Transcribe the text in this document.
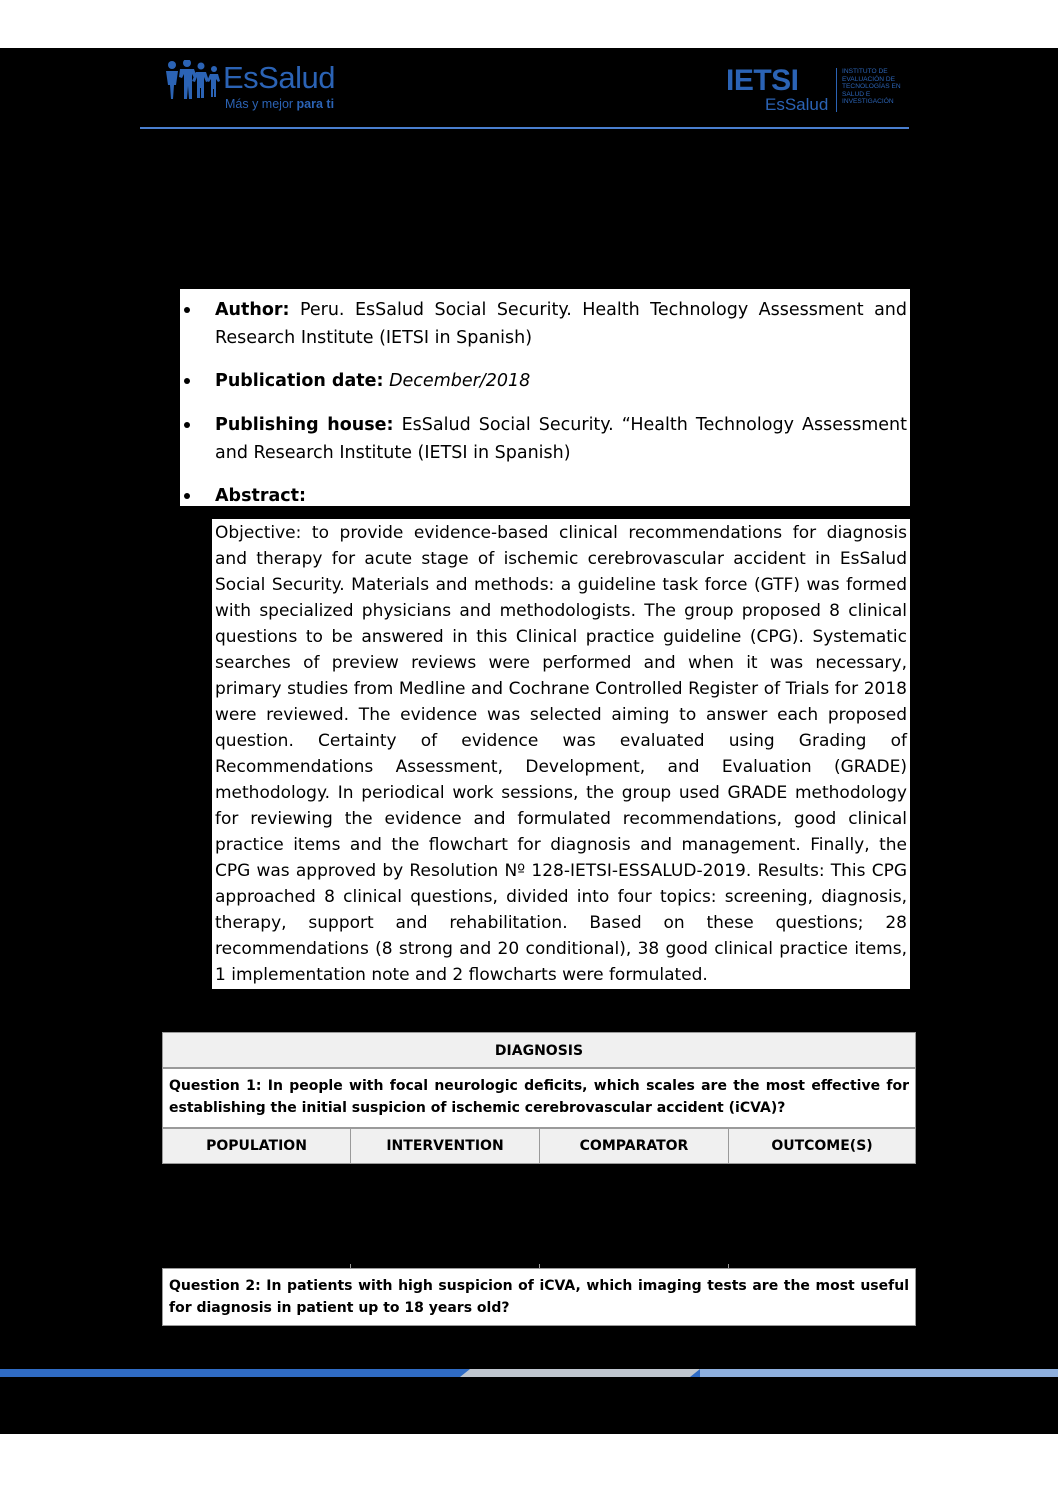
EsSalud
Más y mejor para ti
IETSI
EsSalud
INSTITUTO DE EVALUACIÓN DE TECNOLOGÍAS EN SALUD E INVESTIGACIÓN
Author: Peru. EsSalud Social Security. Health Technology Assessment and Research Institute (IETSI in Spanish)
Publication date: December/2018
Publishing house: EsSalud Social Security. “Health Technology Assessment and Research Institute (IETSI in Spanish)
Abstract:
Objective: to provide evidence-based clinical recommendations for diagnosis and therapy for acute stage of ischemic cerebrovascular accident in EsSalud Social Security. Materials and methods: a guideline task force (GTF) was formed with specialized physicians and methodologists. The group proposed 8 clinical questions to be answered in this Clinical practice guideline (CPG). Systematic searches of preview reviews were performed and when it was necessary, primary studies from Medline and Cochrane Controlled Register of Trials for 2018 were reviewed. The evidence was selected aiming to answer each proposed question. Certainty of evidence was evaluated using Grading of Recommendations Assessment, Development, and Evaluation (GRADE) methodology. In periodical work sessions, the group used GRADE methodology for reviewing the evidence and formulated recommendations, good clinical practice items and the flowchart for diagnosis and management. Finally, the CPG was approved by Resolution Nº 128-IETSI-ESSALUD-2019. Results: This CPG approached 8 clinical questions, divided into four topics: screening, diagnosis, therapy, support and rehabilitation. Based on these questions; 28 recommendations (8 strong and 20 conditional), 38 good clinical practice items, 1 implementation note and 2 flowcharts were formulated.
DIAGNOSIS
Question 1: In people with focal neurologic deficits, which scales are the most effective for establishing the initial suspicion of ischemic cerebrovascular accident (iCVA)?
POPULATION	INTERVENTION	COMPARATOR	OUTCOME(S)
Question 2: In patients with high suspicion of iCVA, which imaging tests are the most useful for diagnosis in patient up to 18 years old?
